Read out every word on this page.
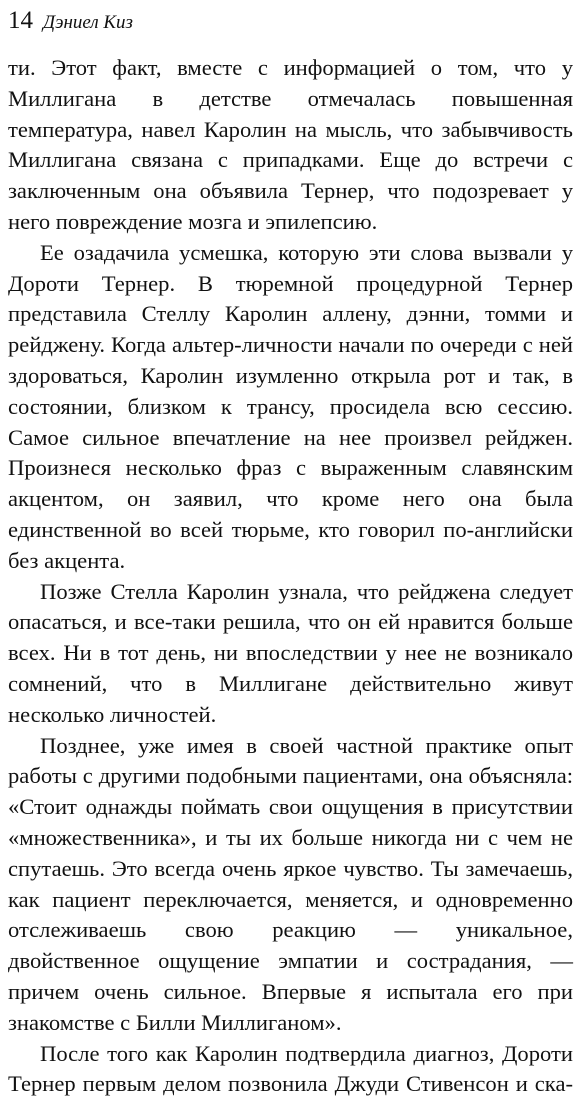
14 Дэниел Киз

ти. Этот факт, вместе с информацией о том, что у Миллигана в детстве отмечалась повышенная температура, навел Каролин на мысль, что забывчивость Миллигана связана с припадками. Еще до встречи с заключенным она объявила Тернер, что подозревает у него повреждение мозга и эпилепсию.

Ее озадачила усмешка, которую эти слова вызвали у Дороти Тернер. В тюремной процедурной Тернер представила Стеллу Каролин аллену, дэнни, томми и рейджену. Когда альтер-личности начали по очереди с ней здороваться, Каролин изумленно открыла рот и так, в состоянии, близком к трансу, просидела всю сессию. Самое сильное впечатление на нее произвел рейджен. Произнеся несколько фраз с выраженным славянским акцентом, он заявил, что кроме него она была единственной во всей тюрьме, кто говорил по-английски без акцента.

Позже Стелла Каролин узнала, что рейджена следует опасаться, и все-таки решила, что он ей нравится больше всех. Ни в тот день, ни впоследствии у нее не возникало сомнений, что в Миллигане действительно живут несколько личностей.

Позднее, уже имея в своей частной практике опыт работы с другими подобными пациентами, она объясняла: «Стоит однажды поймать свои ощущения в присутствии «множественника», и ты их больше никогда ни с чем не спутаешь. Это всегда очень яркое чувство. Ты замечаешь, как пациент переключается, меняется, и одновременно отслеживаешь свою реакцию — уникальное, двойственное ощущение эмпатии и сострадания, — причем очень сильное. Впервые я испытала его при знакомстве с Билли Миллиганом».

После того как Каролин подтвердила диагноз, Дороти Тернер первым делом позвонила Джуди Стивенсон и ска-
